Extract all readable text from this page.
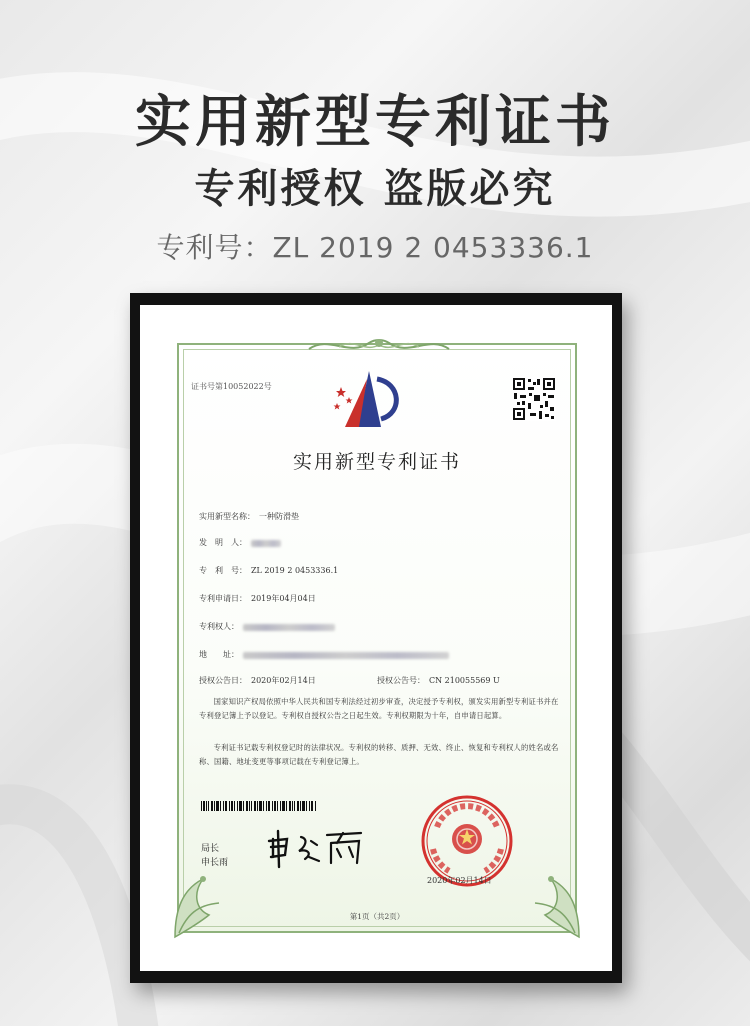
实用新型专利证书
专利授权 盗版必究
专利号：ZL 2019 2 0453336.1
证书号第10052022号
实用新型专利证书
实用新型名称： 一种防滑垫
发　明　人：
专　利　号： ZL 2019 2 0453336.1
专利申请日： 2019年04月04日
专利权人：
地　　址：
授权公告日： 2020年02月14日	授权公告号： CN 210055569 U
国家知识产权局依照中华人民共和国专利法经过初步审查，决定授予专利权，颁发实用新型专利证书并在专利登记簿上予以登记。专利权自授权公告之日起生效。专利权期限为十年，自申请日起算。
专利证书记载专利权登记时的法律状况。专利权的转移、质押、无效、终止、恢复和专利权人的姓名或名称、国籍、地址变更等事项记载在专利登记簿上。
局长
申长雨
2020年02月14日
第1页（共2页）
